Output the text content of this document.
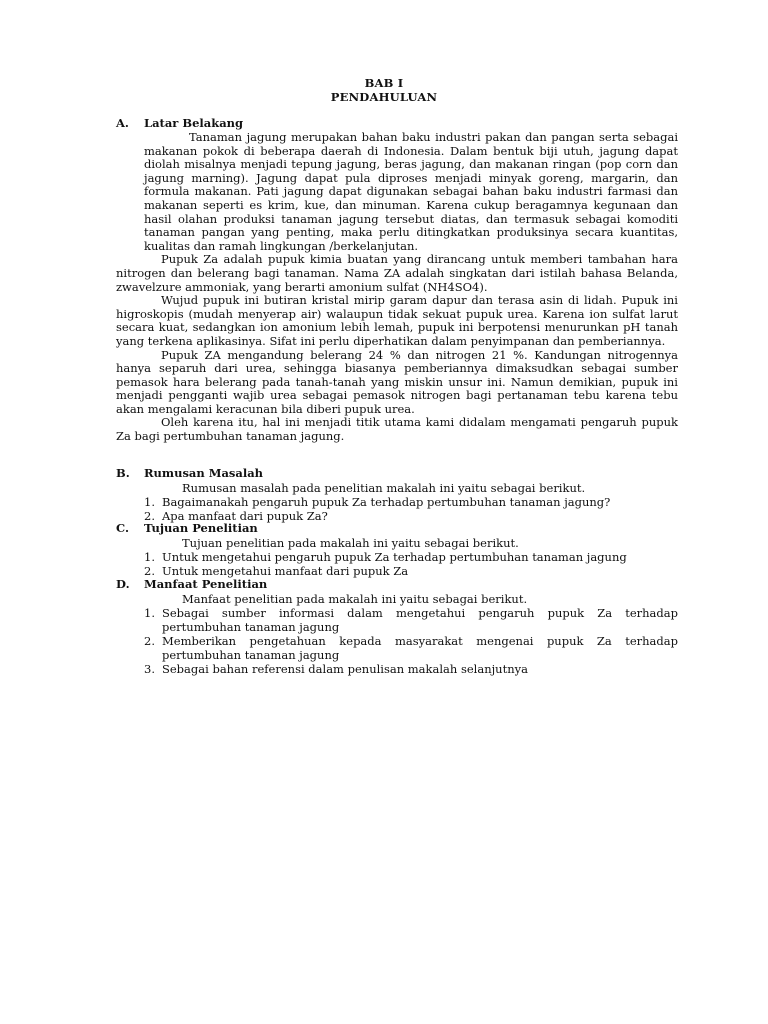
BAB I
PENDAHULUAN
A. Latar Belakang

Tanaman jagung merupakan bahan baku industri pakan dan pangan serta sebagai makanan pokok di beberapa daerah di Indonesia. Dalam bentuk biji utuh, jagung dapat diolah misalnya menjadi tepung jagung, beras jagung, dan makanan ringan (pop corn dan jagung marning). Jagung dapat pula diproses menjadi minyak goreng, margarin, dan formula makanan. Pati jagung dapat digunakan sebagai bahan baku industri farmasi dan makanan seperti es krim, kue, dan minuman. Karena cukup beragamnya kegunaan dan hasil olahan produksi tanaman jagung tersebut diatas, dan termasuk sebagai komoditi tanaman pangan yang penting, maka perlu ditingkatkan produksinya secara kuantitas, kualitas dan ramah lingkungan /berkelanjutan.

Pupuk Za adalah pupuk kimia buatan yang dirancang untuk memberi tambahan hara nitrogen dan belerang bagi tanaman. Nama ZA adalah singkatan dari istilah bahasa Belanda, zwavelzure ammoniak, yang berarti amonium sulfat (NH4SO4).

Wujud pupuk ini butiran kristal mirip garam dapur dan terasa asin di lidah. Pupuk ini higroskopis (mudah menyerap air) walaupun tidak sekuat pupuk urea. Karena ion sulfat larut secara kuat, sedangkan ion amonium lebih lemah, pupuk ini berpotensi menurunkan pH tanah yang terkena aplikasinya. Sifat ini perlu diperhatikan dalam penyimpanan dan pemberiannya.

Pupuk ZA mengandung belerang 24 % dan nitrogen 21 %. Kandungan nitrogennya hanya separuh dari urea, sehingga biasanya pemberiannya dimaksudkan sebagai sumber pemasok hara belerang pada tanah-tanah yang miskin unsur ini. Namun demikian, pupuk ini menjadi pengganti wajib urea sebagai pemasok nitrogen bagi pertanaman tebu karena tebu akan mengalami keracunan bila diberi pupuk urea.

Oleh karena itu, hal ini menjadi titik utama kami didalam mengamati pengaruh pupuk Za bagi pertumbuhan tanaman jagung.

B. Rumusan Masalah
Rumusan masalah pada penelitian makalah ini yaitu sebagai berikut.
1. Bagaimanakah pengaruh pupuk Za terhadap pertumbuhan tanaman jagung?
2. Apa manfaat dari pupuk Za?
C. Tujuan Penelitian
Tujuan penelitian pada makalah ini yaitu sebagai berikut.
1. Untuk mengetahui pengaruh pupuk Za terhadap pertumbuhan tanaman jagung
2. Untuk mengetahui manfaat dari pupuk Za
D. Manfaat Penelitian
Manfaat penelitian pada makalah ini yaitu sebagai berikut.
1. Sebagai sumber informasi dalam mengetahui pengaruh pupuk Za terhadap pertumbuhan tanaman jagung
2. Memberikan pengetahuan kepada masyarakat mengenai pupuk Za terhadap pertumbuhan tanaman jagung
3. Sebagai bahan referensi dalam penulisan makalah selanjutnya
